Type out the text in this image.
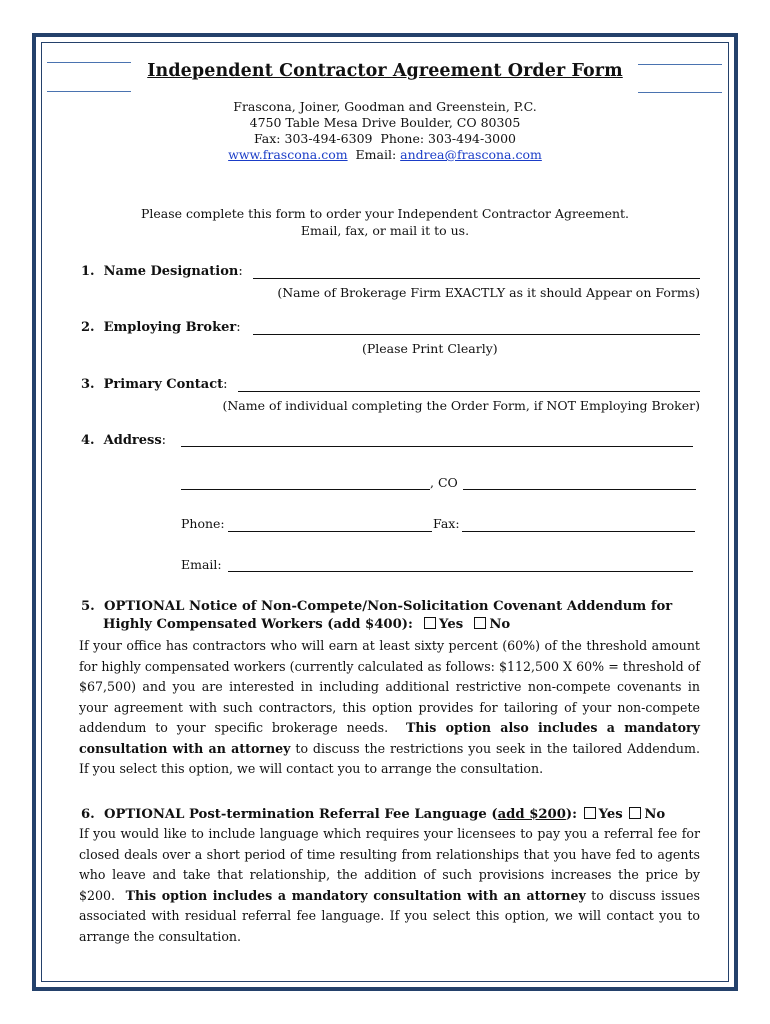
Independent Contractor Agreement Order Form
Frascona, Joiner, Goodman and Greenstein, P.C.
4750 Table Mesa Drive Boulder, CO 80305
Fax: 303-494-6309  Phone: 303-494-3000
www.frascona.com Email: andrea@frascona.com
Please complete this form to order your Independent Contractor Agreement.
Email, fax, or mail it to us.
1. Name Designation:
(Name of Brokerage Firm EXACTLY as it should Appear on Forms)
2. Employing Broker:
(Please Print Clearly)
3. Primary Contact:
(Name of individual completing the Order Form, if NOT Employing Broker)
4. Address:
, CO
Phone:	Fax:
Email:
5. OPTIONAL Notice of Non-Compete/Non-Solicitation Covenant Addendum for
Highly Compensated Workers (add $400): Yes No
If your office has contractors who will earn at least sixty percent (60%) of the threshold amount for highly compensated workers (currently calculated as follows: $112,500 X 60% = threshold of $67,500) and you are interested in including additional restrictive non-compete covenants in your agreement with such contractors, this option provides for tailoring of your non-compete addendum to your specific brokerage needs. This option also includes a mandatory consultation with an attorney to discuss the restrictions you seek in the tailored Addendum. If you select this option, we will contact you to arrange the consultation.
6. OPTIONAL Post-termination Referral Fee Language (add $200): Yes No
If you would like to include language which requires your licensees to pay you a referral fee for closed deals over a short period of time resulting from relationships that you have fed to agents who leave and take that relationship, the addition of such provisions increases the price by $200. This option includes a mandatory consultation with an attorney to discuss issues associated with residual referral fee language. If you select this option, we will contact you to arrange the consultation.
